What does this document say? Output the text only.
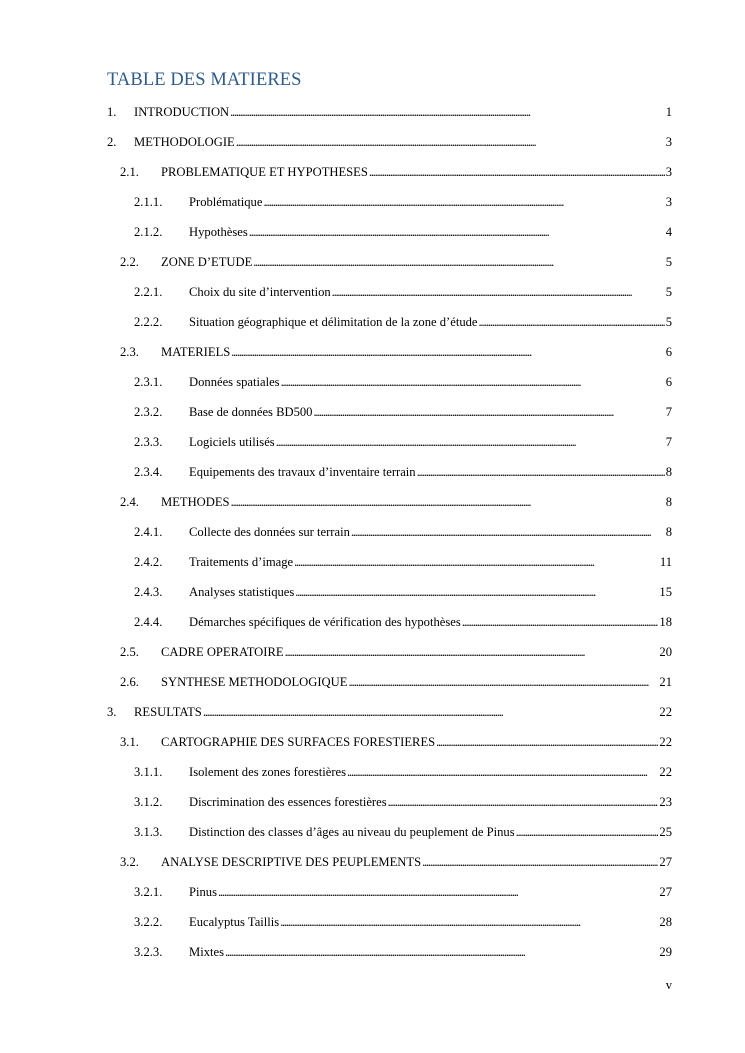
TABLE DES MATIERES
1.	INTRODUCTION . . .	1
2.	METHODOLOGIE . . .	3
2.1.	PROBLEMATIQUE ET HYPOTHESES . . .	3
2.1.1.	Problématique . . .	3
2.1.2.	Hypothèses . . .	4
2.2.	ZONE D’ETUDE . . .	5
2.2.1.	Choix du site d’intervention . . .	5
2.2.2.	Situation géographique et délimitation de la zone d’étude . . .	5
2.3.	MATERIELS . . .	6
2.3.1.	Données spatiales . . .	6
2.3.2.	Base de données BD500 . . .	7
2.3.3.	Logiciels utilisés . . .	7
2.3.4.	Equipements des travaux d’inventaire terrain . . .	8
2.4.	METHODES . . .	8
2.4.1.	Collecte des données sur terrain . . .	8
2.4.2.	Traitements d’image . . .	11
2.4.3.	Analyses statistiques . . .	15
2.4.4.	Démarches spécifiques de vérification des hypothèses . . .	18
2.5.	CADRE OPERATOIRE . . .	20
2.6.	SYNTHESE METHODOLOGIQUE . . .	21
3.	RESULTATS . . .	22
3.1.	CARTOGRAPHIE DES SURFACES FORESTIERES . . .	22
3.1.1.	Isolement des zones forestières . . .	22
3.1.2.	Discrimination des essences forestières . . .	23
3.1.3.	Distinction des classes d’âges au niveau du peuplement de Pinus . . .	25
3.2.	ANALYSE DESCRIPTIVE DES PEUPLEMENTS . . .	27
3.2.1.	Pinus . . .	27
3.2.2.	Eucalyptus Taillis . . .	28
3.2.3.	Mixtes . . .	29
v
